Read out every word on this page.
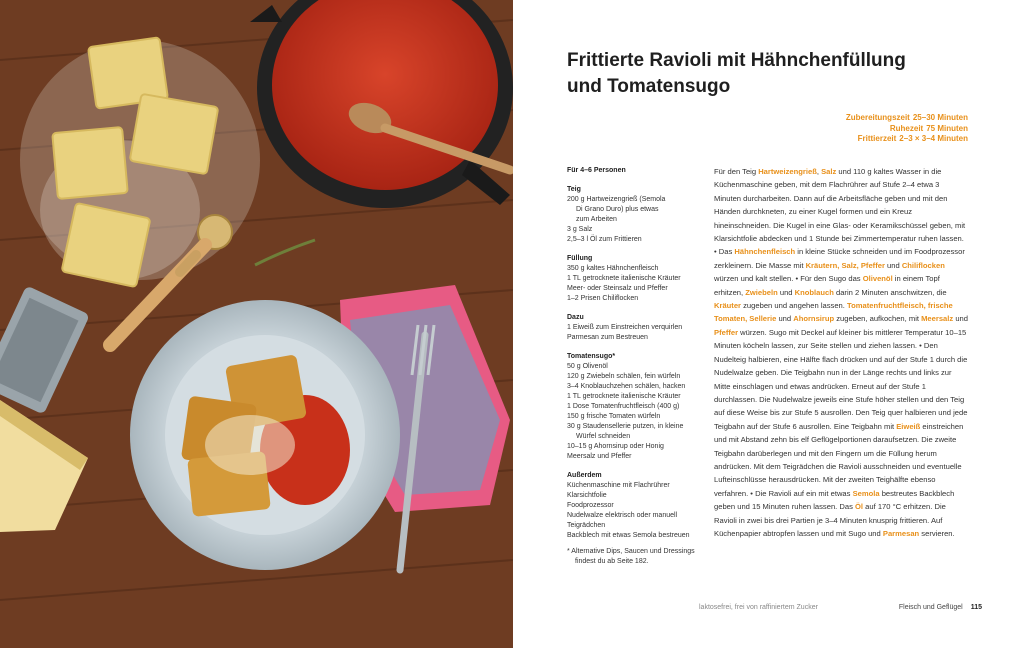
Frittierte Ravioli mit Hähnchenfüllung
und Tomatensugo
Zubereitungszeit 25–30 Minuten
Ruhezeit 75 Minuten
Frittierzeit 2–3 × 3–4 Minuten
Für 4–6 Personen
Teig
200 g Hartweizengrieß (Semola
Di Grano Duro) plus etwas
zum Arbeiten
3 g Salz
2,5–3 l Öl zum Frittieren
Füllung
350 g kaltes Hähnchenfleisch
1 TL getrocknete italienische Kräuter
Meer- oder Steinsalz und Pfeffer
1–2 Prisen Chiliflocken
Dazu
1 Eiweiß zum Einstreichen verquirlen
Parmesan zum Bestreuen
Tomatensugo*
50 g Olivenöl
120 g Zwiebeln schälen, fein würfeln
3–4 Knoblauchzehen schälen, hacken
1 TL getrocknete italienische Kräuter
1 Dose Tomatenfruchtfleisch (400 g)
150 g frische Tomaten würfeln
30 g Staudensellerie putzen, in kleine
Würfel schneiden
10–15 g Ahornsirup oder Honig
Meersalz und Pfeffer
Außerdem
Küchenmaschine mit Flachrührer
Klarsichtfolie
Foodprozessor
Nudelwalze elektrisch oder manuell
Teigrädchen
Backblech mit etwas Semola bestreuen
* Alternative Dips, Saucen und Dressings findest du ab Seite 182.
Für den Teig Hartweizengrieß, Salz und 110 g kaltes Wasser in die Küchenmaschine geben, mit dem Flachrührer auf Stufe 2–4 etwa 3 Minuten durcharbeiten. Dann auf die Arbeitsfläche geben und mit den Händen durchkneten, zu einer Kugel formen und ein Kreuz hineinschneiden. Die Kugel in eine Glas- oder Keramikschüssel geben, mit Klarsichtfolie abdecken und 1 Stunde bei Zimmertemperatur ruhen lassen. • Das Hähnchenfleisch in kleine Stücke schneiden und im Foodprozessor zerkleinern. Die Masse mit Kräutern, Salz, Pfeffer und Chiliflocken würzen und kalt stellen. • Für den Sugo das Olivenöl in einem Topf erhitzen, Zwiebeln und Knoblauch darin 2 Minuten anschwitzen, die Kräuter zugeben und angehen lassen. Tomatenfruchtfleisch, frische Tomaten, Sellerie und Ahornsirup zugeben, aufkochen, mit Meersalz und Pfeffer würzen. Sugo mit Deckel auf kleiner bis mittlerer Temperatur 10–15 Minuten köcheln lassen, zur Seite stellen und ziehen lassen. • Den Nudelteig halbieren, eine Hälfte flach drücken und auf der Stufe 1 durch die Nudelwalze geben. Die Teigbahn nun in der Länge rechts und links zur Mitte einschlagen und etwas andrücken. Erneut auf der Stufe 1 durchlassen. Die Nudelwalze jeweils eine Stufe höher stellen und den Teig auf diese Weise bis zur Stufe 5 ausrollen. Den Teig quer halbieren und jede Teigbahn auf der Stufe 6 ausrollen. Eine Teigbahn mit Eiweiß einstreichen und mit Abstand zehn bis elf Geflügelportionen daraufsetzen. Die zweite Teigbahn darüberlegen und mit den Fingern um die Füllung herum andrücken. Mit dem Teigrädchen die Ravioli ausschneiden und eventuelle Lufteinschlüsse herausdrücken. Mit der zweiten Teighälfte ebenso verfahren. • Die Ravioli auf ein mit etwas Semola bestreutes Backblech geben und 15 Minuten ruhen lassen. Das Öl auf 170 °C erhitzen. Die Ravioli in zwei bis drei Partien je 3–4 Minuten knusprig frittieren. Auf Küchenpapier abtropfen lassen und mit Sugo und Parmesan servieren.
laktosefrei, frei von raffiniertem Zucker	Fleisch und Geflügel 115
